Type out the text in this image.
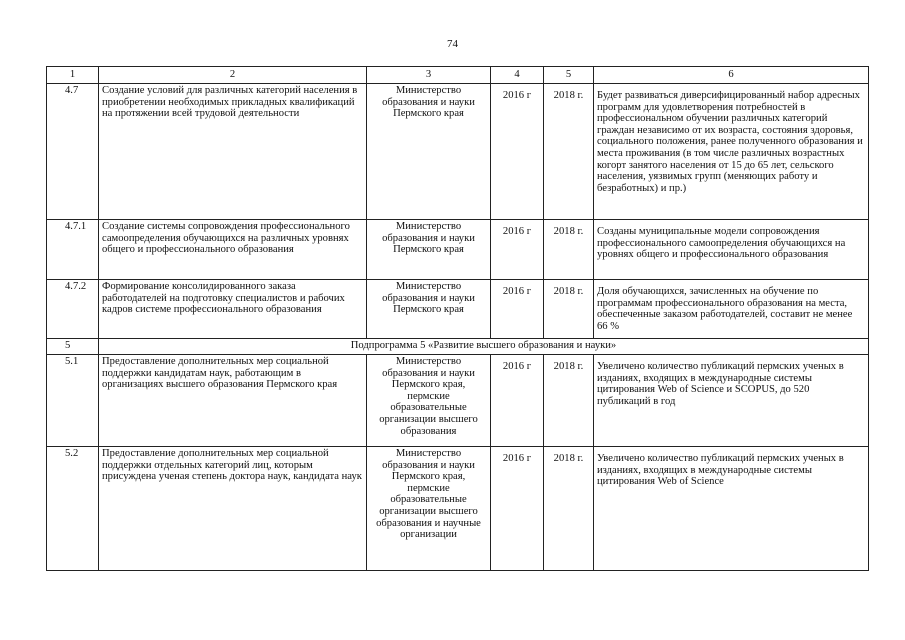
74
1	2	3	4	5	6
4.7	Создание условий для различных категорий населения в приобретении необходимых прикладных квалификаций на протяжении всей трудовой деятельности	Министерство образования и науки Пермского края	2016 г	2018 г.	Будет развиваться диверсифицированный набор адресных программ для удовлетворения потребностей в профессиональном обучении различных категорий граждан независимо от их возраста, состояния здоровья, социального положения, ранее полученного образования и места проживания (в том числе различных возрастных когорт занятого населения от 15 до 65 лет, сельского населения, уязвимых групп (меняющих работу и безработных) и пр.)
4.7.1	Создание системы сопровождения профессионального самоопределения обучающихся на различных уровнях общего и профессионального образования	Министерство образования и науки Пермского края	2016 г	2018 г.	Созданы муниципальные модели сопровождения профессионального самоопределения обучающихся на уровнях общего и профессионального образования
4.7.2	Формирование консолидированного заказа работодателей на подготовку специалистов и рабочих кадров системе профессионального образования	Министерство образования и науки Пермского края	2016 г	2018 г.	Доля обучающихся, зачисленных на обучение по программам профессионального образования на места, обеспеченные заказом работодателей, составит не менее 66 %
5	Подпрограмма 5 «Развитие высшего образования и науки»				
5.1	Предоставление дополнительных мер социальной поддержки кандидатам наук, работающим в организациях высшего образования Пермского края	Министерство образования и науки Пермского края, пермские образовательные организации высшего образования	2016 г	2018 г.	Увеличено количество публикаций пермских ученых в изданиях, входящих в международные системы цитирования Web of Science и SCOPUS, до 520 публикаций в год
5.2	Предоставление дополнительных мер социальной поддержки отдельных категорий лиц, которым присуждена ученая степень доктора наук, кандидата наук	Министерство образования и науки Пермского края, пермские образовательные организации высшего образования и научные организации	2016 г	2018 г.	Увеличено количество публикаций пермских ученых в изданиях, входящих в международные системы цитирования Web of Science
